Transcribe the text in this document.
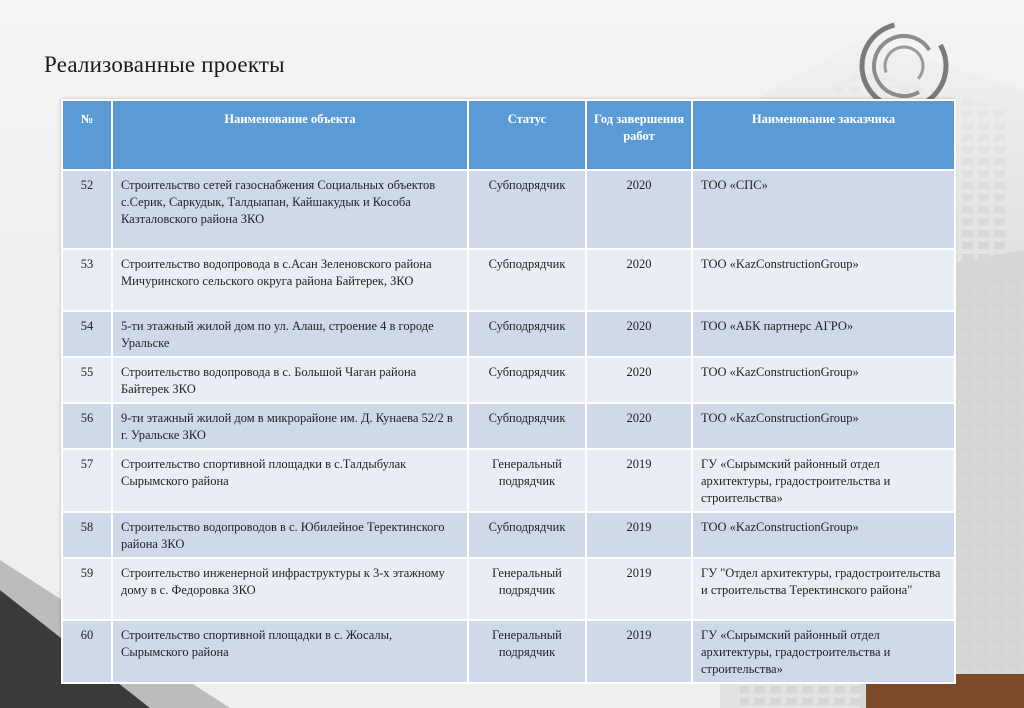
Реализованные проекты
№	Наименование объекта	Статус	Год завершения работ	Наименование заказчика
52	Строительство сетей газоснабжения Социальных объектов с.Серик, Саркудык, Талдыапан, Кайшакудык и Кособа Казталовского района ЗКО	Субподрядчик	2020	ТОО «СПС»
53	Строительство водопровода в с.Асан Зеленовского района Мичуринского сельского округа района Байтерек, ЗКО	Субподрядчик	2020	ТОО «KazConstructionGroup»
54	5-ти этажный жилой дом по ул. Алаш, строение 4 в городе Уральске	Субподрядчик	2020	ТОО «АБК партнерс АГРО»
55	Строительство водопровода в с. Большой Чаган района Байтерек ЗКО	Субподрядчик	2020	ТОО «KazConstructionGroup»
56	9-ти этажный жилой дом в микрорайоне им. Д. Кунаева 52/2 в г. Уральске ЗКО	Субподрядчик	2020	ТОО «KazConstructionGroup»
57	Строительство спортивной площадки в с.Талдыбулак Сырымского района	Генеральный подрядчик	2019	ГУ «Сырымский районный отдел архитектуры, градостроительства и строительства»
58	Строительство водопроводов в с. Юбилейное Теректинского района ЗКО	Субподрядчик	2019	ТОО «KazConstructionGroup»
59	Строительство инженерной инфраструктуры к 3-х этажному дому в с. Федоровка ЗКО	Генеральный подрядчик	2019	ГУ "Отдел архитектуры, градостроительства и строительства Теректинского района"
60	Строительство спортивной площадки в с. Жосалы, Сырымского района	Генеральный подрядчик	2019	ГУ «Сырымский районный отдел архитектуры, градостроительства и строительства»
